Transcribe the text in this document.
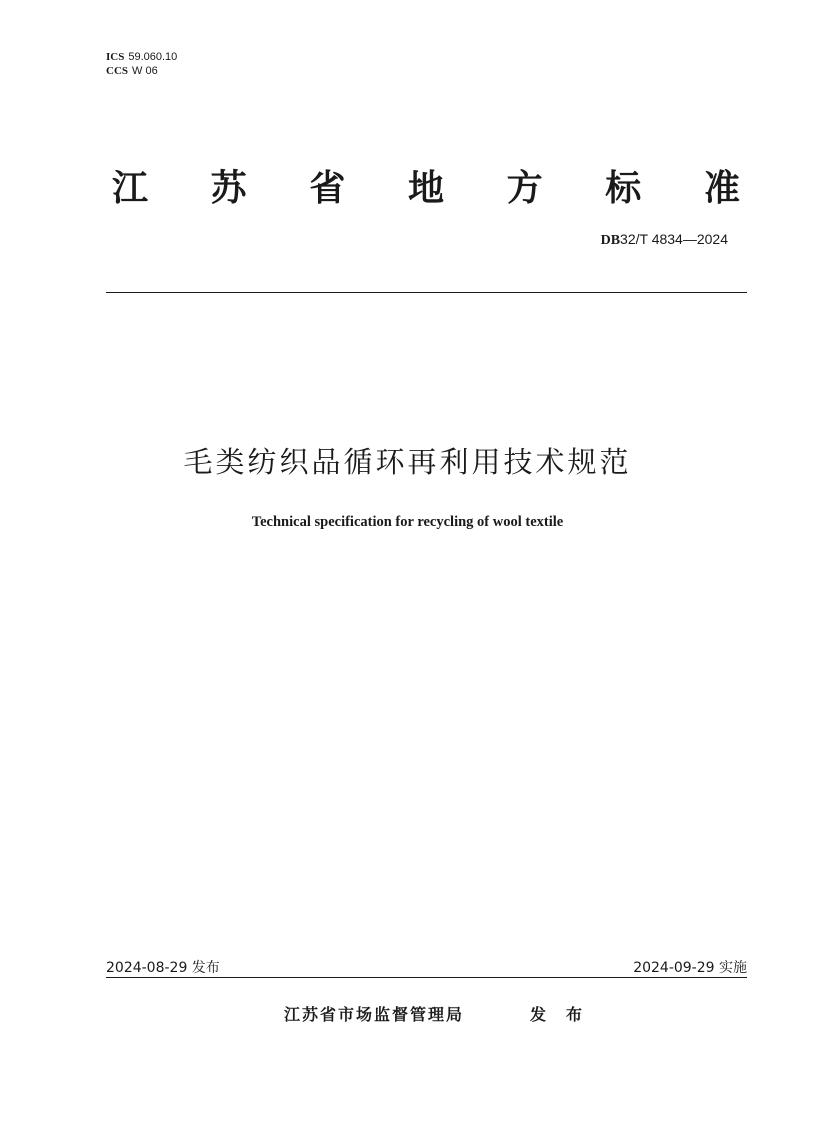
ICS 59.060.10
CCS W 06
江 苏 省 地 方 标 准
DB32/T 4834—2024
毛类纺织品循环再利用技术规范
Technical specification for recycling of wool textile
2024-08-29 发布	2024-09-29 实施
江苏省市场监督管理局	发布
